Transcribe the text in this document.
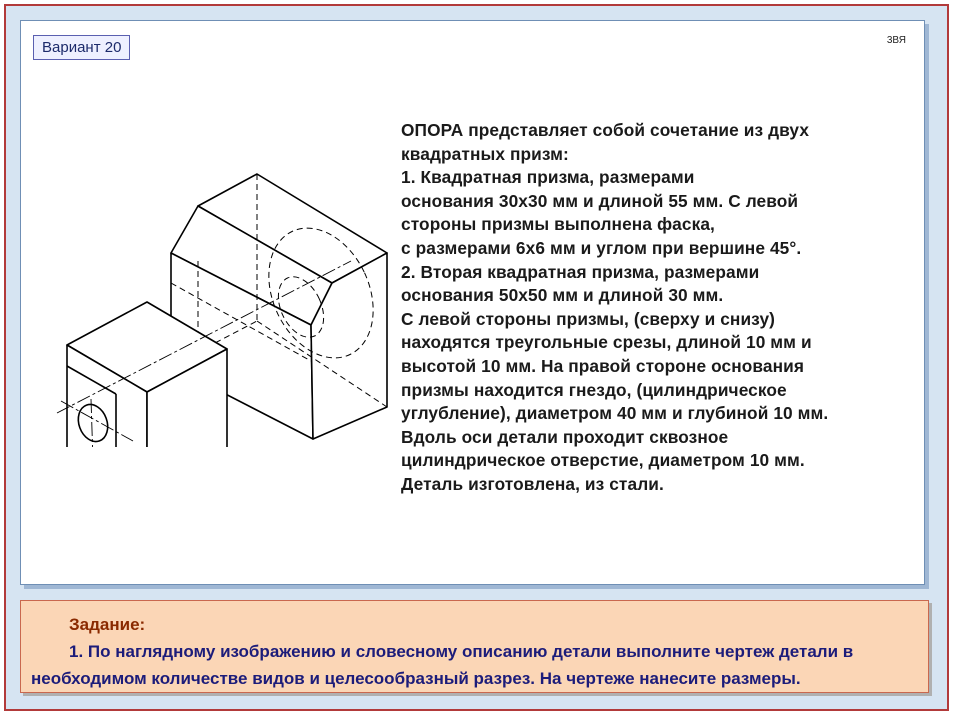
Вариант 20	3ВЯ
ОПОРА представляет собой сочетание из двух
квадратных призм:
1. Квадратная призма, размерами
основания 30х30 мм и длиной 55 мм. С левой
стороны призмы выполнена фаска,
с размерами 6х6 мм и углом при вершине 45°.
2. Вторая квадратная призма, размерами
основания 50х50 мм и длиной 30 мм.
С левой стороны призмы, (сверху и снизу)
находятся треугольные срезы, длиной 10 мм и
высотой 10 мм. На правой стороне основания
призмы находится гнездо, (цилиндрическое
углубление), диаметром 40 мм и глубиной 10 мм.
Вдоль оси детали проходит сквозное
цилиндрическое отверстие, диаметром 10 мм.
Деталь изготовлена, из стали.
Задание:
1. По наглядному изображению и словесному описанию детали выполните чертеж детали в необходимом количестве видов и целесообразный разрез. На чертеже нанесите размеры.
